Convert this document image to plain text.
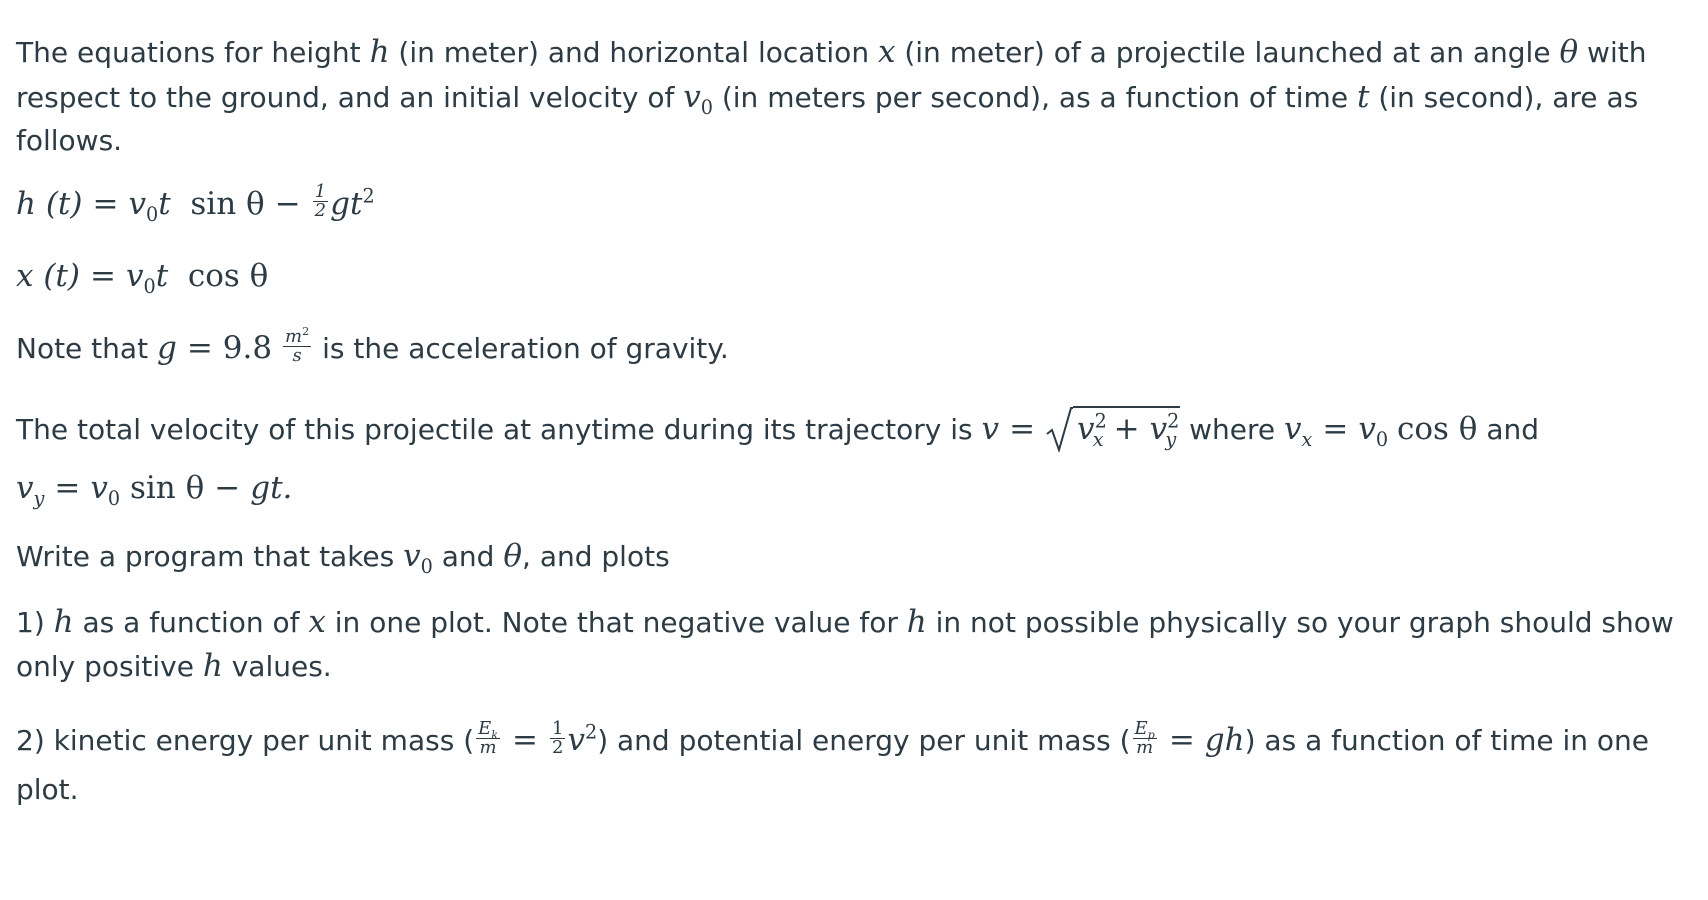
The equations for height h (in meter) and horizontal location x (in meter) of a projectile launched at an angle θ with
respect to the ground, and an initial velocity of $v_0$ (in meters per second), as a function of time t (in second), are as
follows.
h $(t) = v_0t$ $\sin \theta - \frac{1}{2} gt^2$
x $(t) = v_0t$ cos θ
Note that $g = 9.8 \frac{m^2}{s}$ is the acceleration of gravity.
The total velocity of this projectile at anytime during its trajectory is $v = v^2_x + v^2_y$ where $v_x = v_0$ cos θ and
$v_y = v_0$ sin θ − gt.
Write a program that takes $v_0$ and θ, and plots
1) h as a function of x in one plot. Note that negative value for h in not possible physically so your graph should show
only positive h values.
2) kinetic energy per unit mass ( $\frac{E_k}{m} = \frac{1}{2} v^2$) and potential energy per unit mass ( $\frac{E_p}{m} = gh$) as a function of time in one
plot.
